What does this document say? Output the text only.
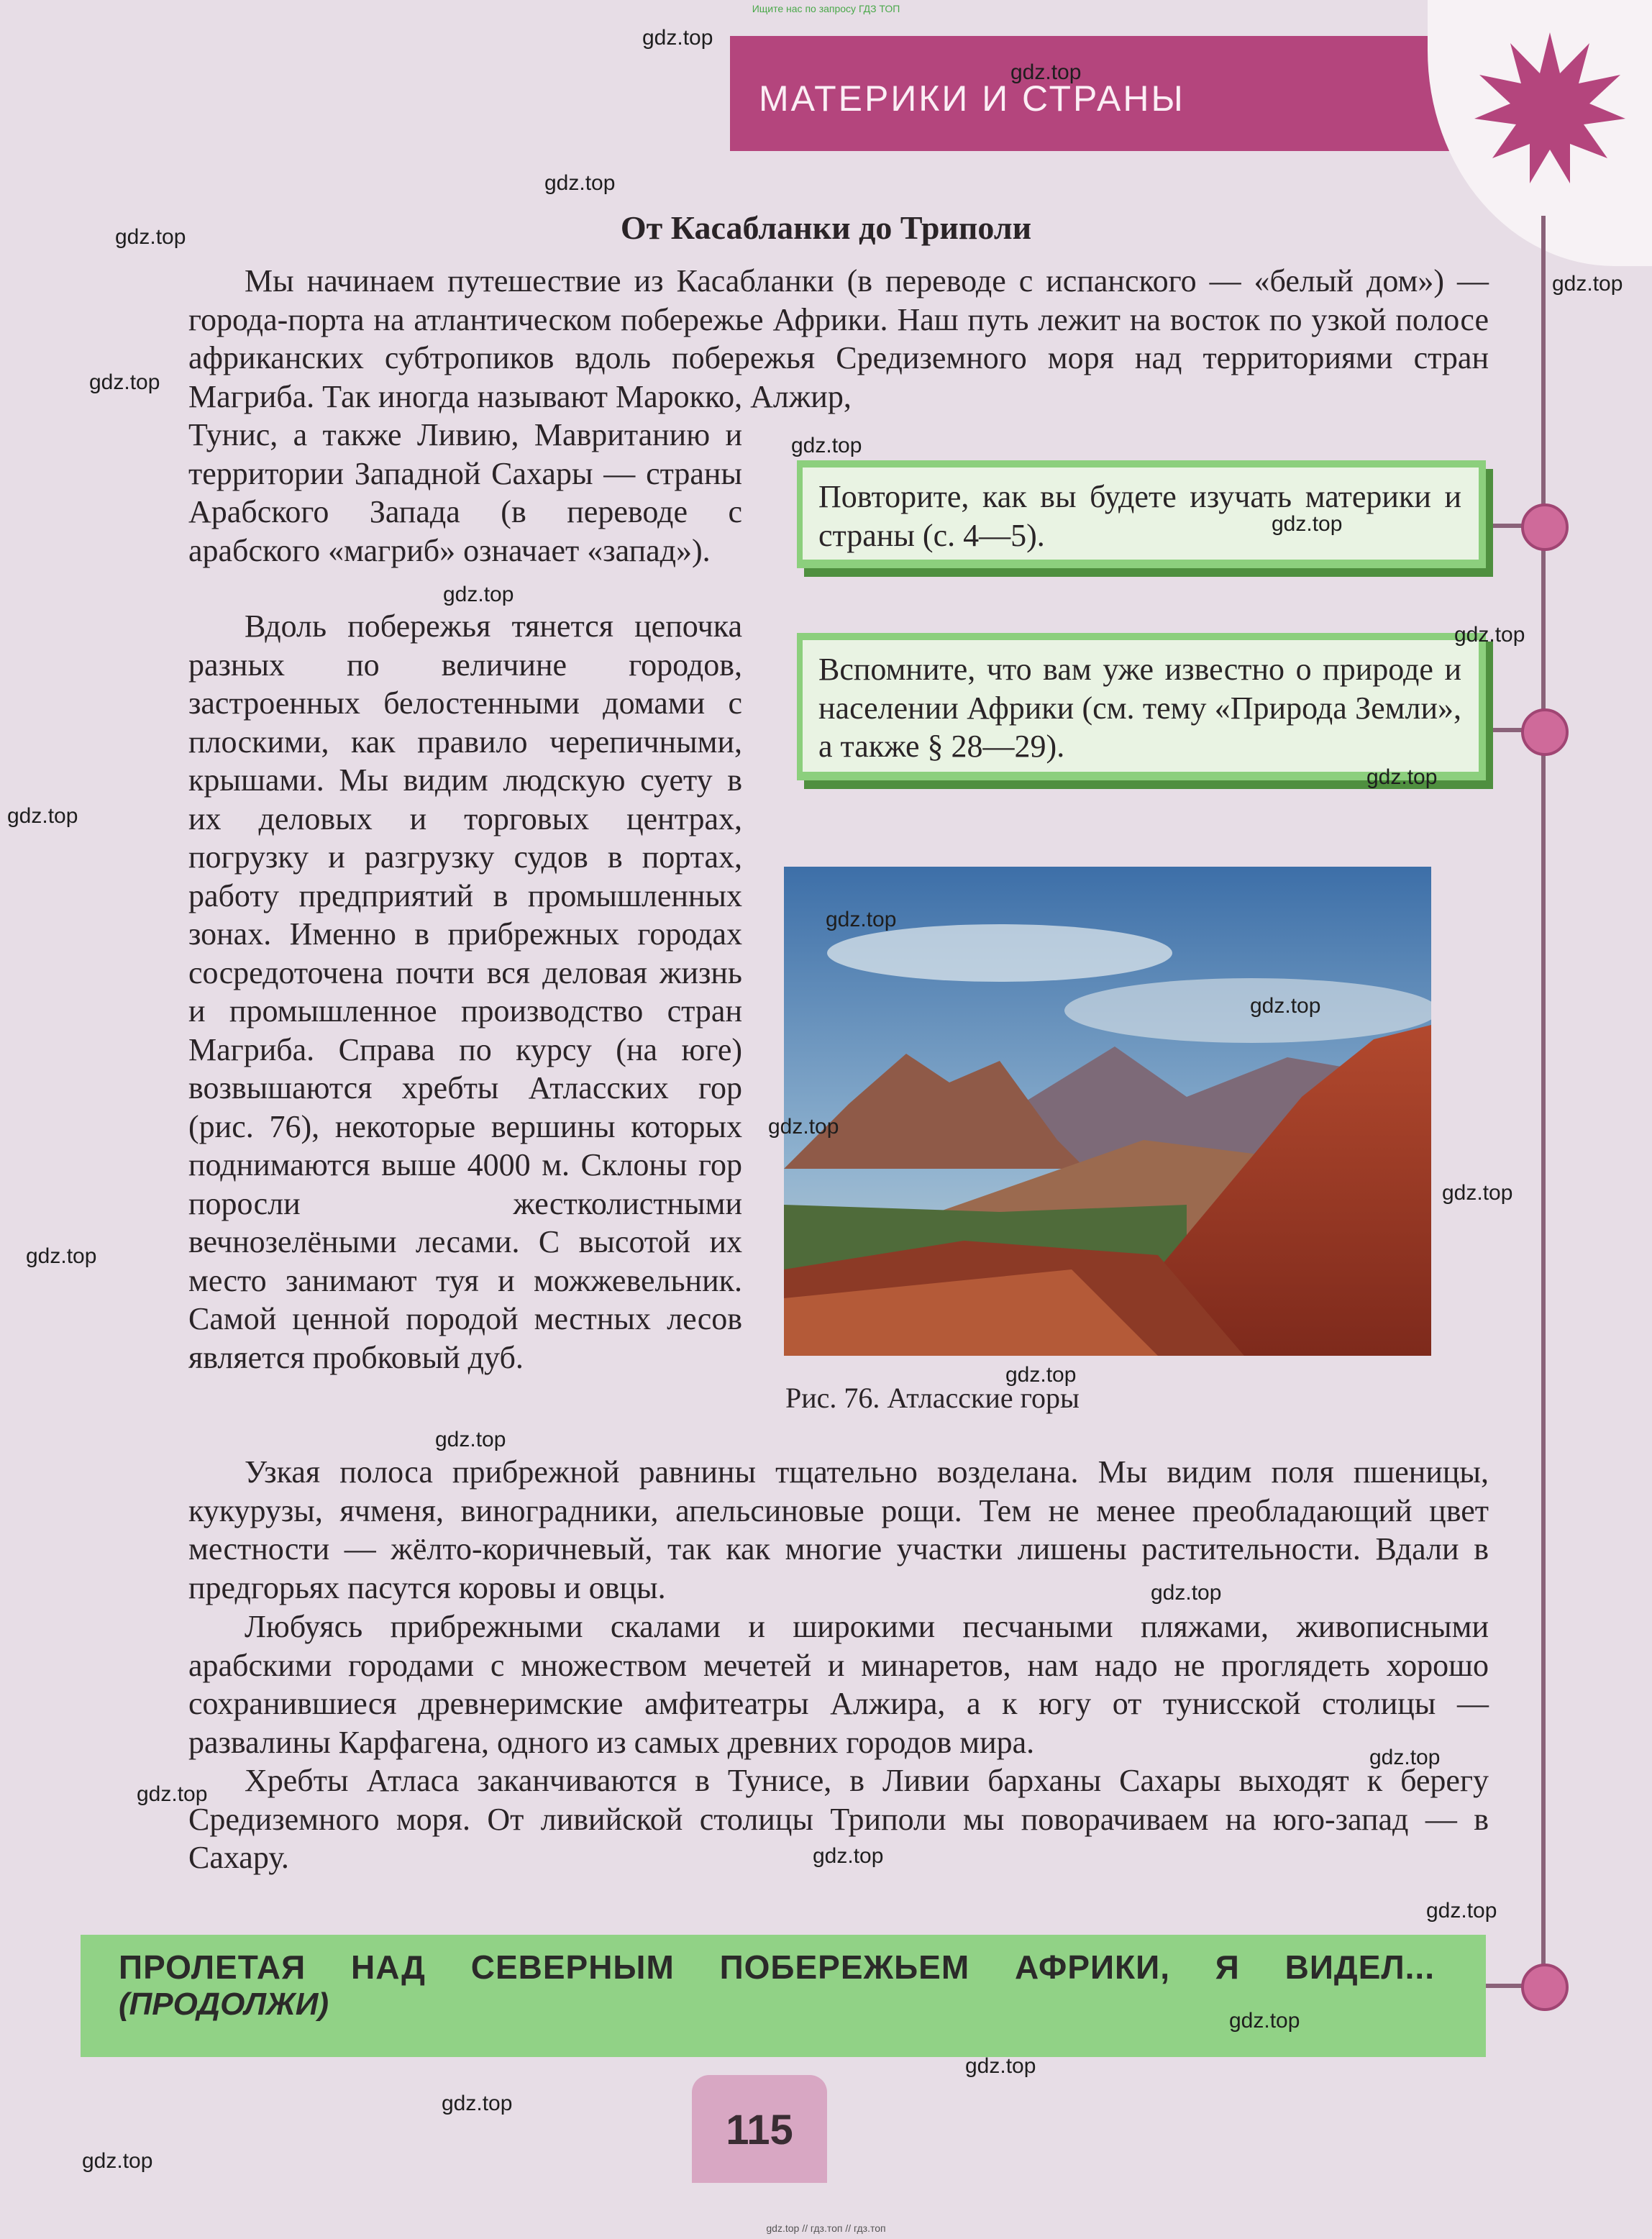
Ищите нас по запросу ГДЗ ТОП
gdz.top // гдз.топ // гдз.топ
МАТЕРИКИ И СТРАНЫ
От Касабланки до Триполи

Мы начинаем путешествие из Касабланки (в переводе с испанского — «белый дом») — города-порта на атлантическом побережье Африки. Наш путь лежит на восток по узкой полосе африканских субтропиков вдоль побережья Средиземного моря над территориями стран Магриба. Так иногда называют Марокко, Алжир,

Тунис, а также Ливию, Мавританию и территории Западной Сахары — страны Арабского Запада (в переводе с арабского «магриб» означает «запад»).

Повторите, как вы будете изучать материки и страны (с. 4—5).

Вспомните, что вам уже известно о природе и населении Африки (см. тему «Природа Земли», а также § 28—29).

Вдоль побережья тянется цепочка разных по величине городов, застроенных белостенными домами с плоскими, как правило черепичными, крышами. Мы видим людскую суету в их деловых и торговых центрах, погрузку и разгрузку судов в портах, работу предприятий в промышленных зонах. Именно в прибрежных городах сосредоточена почти вся деловая жизнь и промышленное производство стран Магриба. Справа по курсу (на юге) возвышаются хребты Атласских гор (рис. 76), некоторые вершины которых поднимаются выше 4000 м. Склоны гор поросли жестколистными вечнозелёными лесами. С высотой их место занимают туя и можжевельник. Самой ценной породой местных лесов является пробковый дуб.

Рис. 76. Атласские горы

Узкая полоса прибрежной равнины тщательно возделана. Мы видим поля пшеницы, кукурузы, ячменя, виноградники, апельсиновые рощи. Тем не менее преобладающий цвет местности — жёлто-коричневый, так как многие участки лишены растительности. Вдали в предгорьях пасутся коровы и овцы.

Любуясь прибрежными скалами и широкими песчаными пляжами, живописными арабскими городами с множеством мечетей и минаретов, нам надо не проглядеть хорошо сохранившиеся древнеримские амфитеатры Алжира, а к югу от тунисской столицы — развалины Карфагена, одного из самых древних городов мира.

Хребты Атласа заканчиваются в Тунисе, в Ливии барханы Сахары выходят к берегу Средиземного моря. От ливийской столицы Триполи мы поворачиваем на юго-запад — в Сахару.

ПРОЛЕТАЯ НАД СЕВЕРНЫМ ПОБЕРЕЖЬЕМ АФРИКИ, Я ВИДЕЛ...
(ПРОДОЛЖИ)
115
gdz.top
gdz.top
gdz.top
gdz.top
gdz.top
gdz.top
gdz.top
gdz.top
gdz.top
gdz.top
gdz.top
gdz.top
gdz.top
gdz.top
gdz.top
gdz.top
gdz.top
gdz.top
gdz.top
gdz.top
gdz.top
gdz.top
gdz.top
gdz.top
gdz.top
gdz.top
gdz.top
gdz.top
